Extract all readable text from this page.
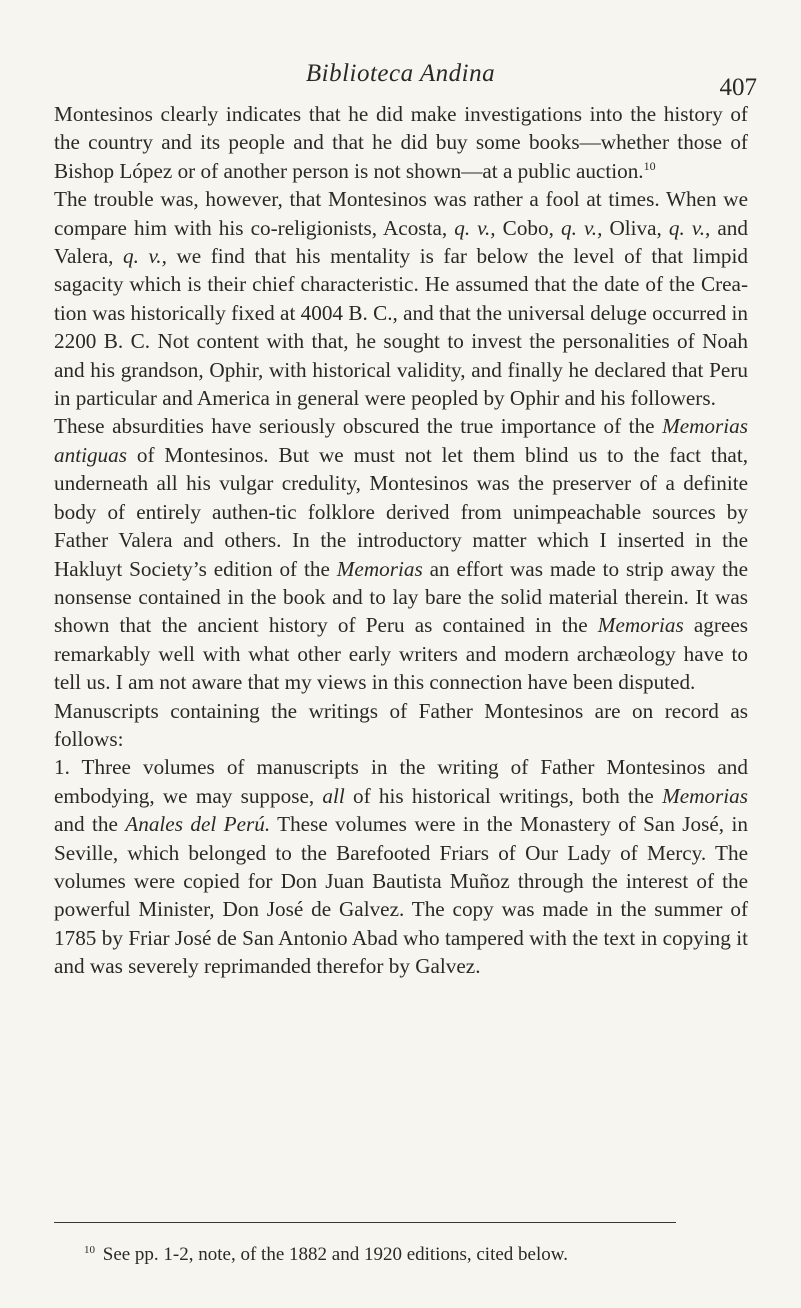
Biblioteca Andina
407

Montesinos clearly indicates that he did make investigations into the history of the country and its people and that he did buy some books—whether those of Bishop López or of another person is not shown—at a public auction.$^{10}$

The trouble was, however, that Montesinos was rather a fool at times. When we compare him with his co-religionists, Acosta, q. v., Cobo, q. v., Oliva, q. v., and Valera, q. v., we find that his mentality is far below the level of that limpid sagacity which is their chief characteristic. He assumed that the date of the Crea-tion was historically fixed at 4004 B. C., and that the universal deluge occurred in 2200 B. C. Not content with that, he sought to invest the personalities of Noah and his grandson, Ophir, with historical validity, and finally he declared that Peru in particular and America in general were peopled by Ophir and his followers.

These absurdities have seriously obscured the true importance of the Memorias antiguas of Montesinos. But we must not let them blind us to the fact that, underneath all his vulgar credulity, Montesinos was the preserver of a definite body of entirely authen-tic folklore derived from unimpeachable sources by Father Valera and others. In the introductory matter which I inserted in the Hakluyt Society’s edition of the Memorias an effort was made to strip away the nonsense contained in the book and to lay bare the solid material therein. It was shown that the ancient history of Peru as contained in the Memorias agrees remarkably well with what other early writers and modern archæology have to tell us. I am not aware that my views in this connection have been disputed.

Manuscripts containing the writings of Father Montesinos are on record as follows:

1. Three volumes of manuscripts in the writing of Father Montesinos and embodying, we may suppose, all of his historical writings, both the Memorias and the Anales del Perú. These volumes were in the Monastery of San José, in Seville, which belonged to the Barefooted Friars of Our Lady of Mercy. The volumes were copied for Don Juan Bautista Muñoz through the interest of the powerful Minister, Don José de Galvez. The copy was made in the summer of 1785 by Friar José de San Antonio Abad who tampered with the text in copying it and was severely reprimanded therefor by Galvez.

$^{10}$ See pp. 1-2, note, of the 1882 and 1920 editions, cited below.
